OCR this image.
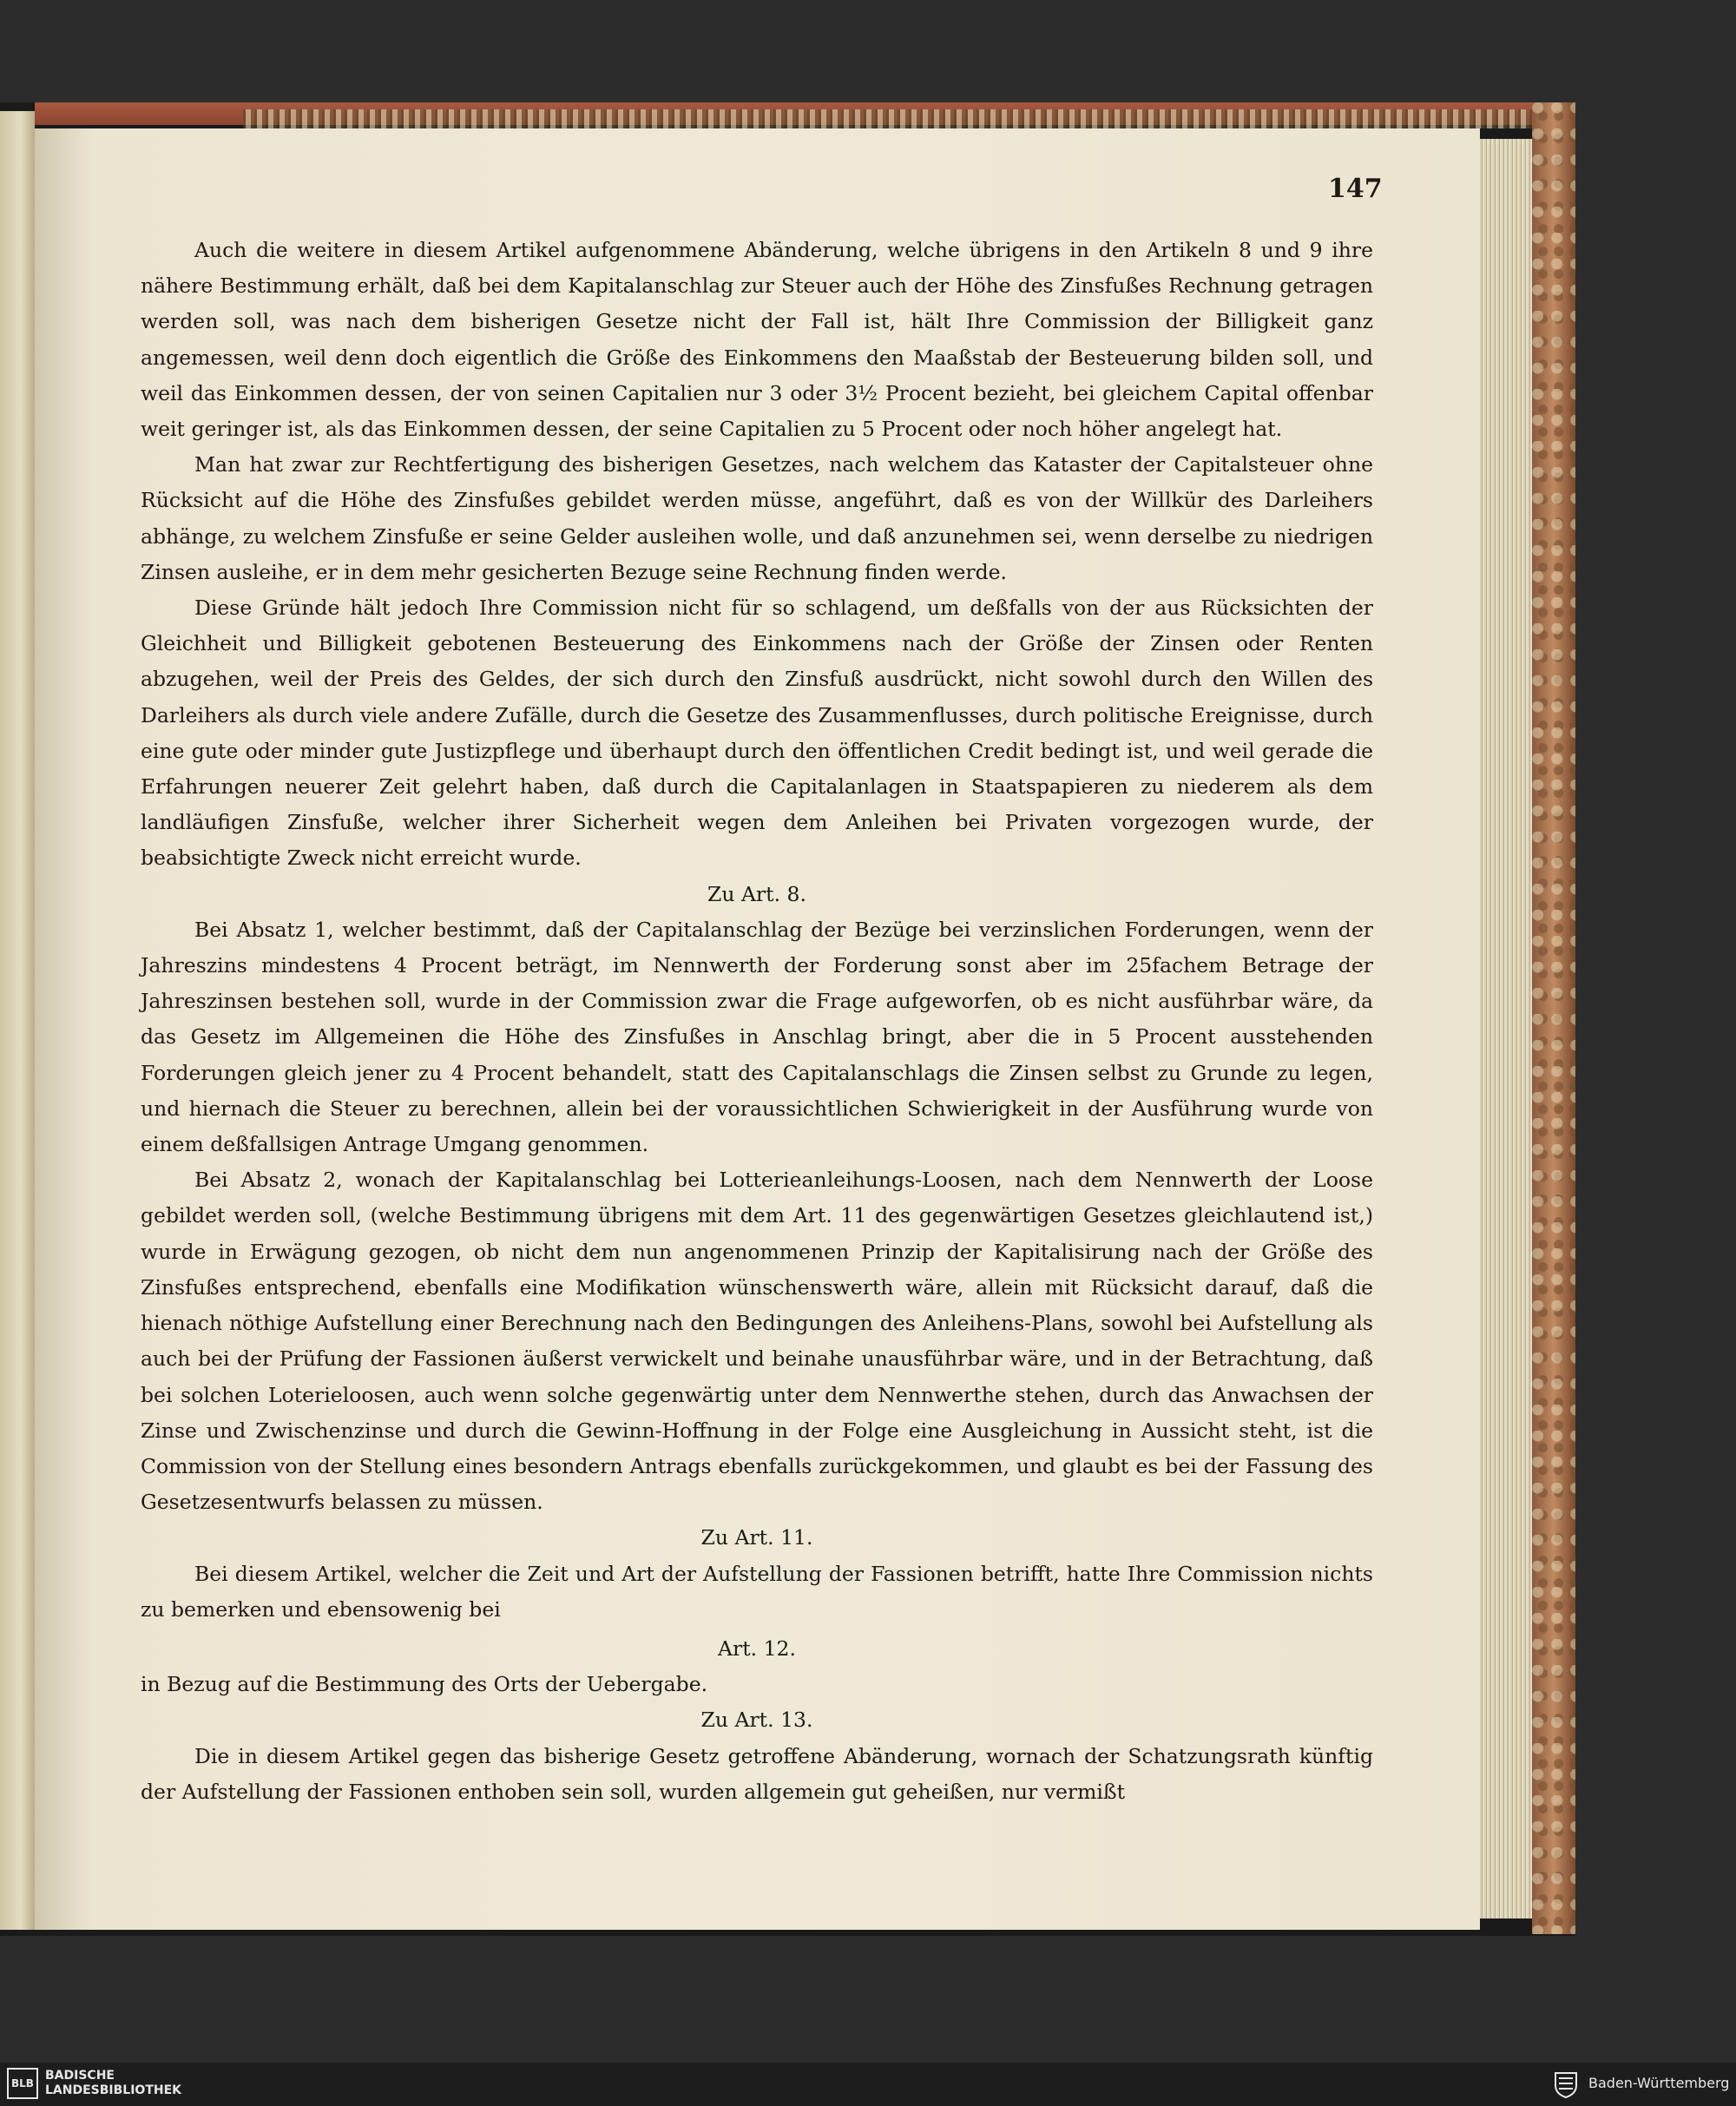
147

Auch die weitere in diesem Artikel aufgenommene Abänderung, welche übrigens in den Artikeln 8 und 9 ihre nähere Bestimmung erhält, daß bei dem Kapitalanschlag zur Steuer auch der Höhe des Zinsfußes Rechnung getragen werden soll, was nach dem bisherigen Gesetze nicht der Fall ist, hält Ihre Commission der Billigkeit ganz angemessen, weil denn doch eigentlich die Größe des Einkommens den Maaßstab der Besteuerung bilden soll, und weil das Einkommen dessen, der von seinen Capitalien nur 3 oder 3½ Procent bezieht, bei gleichem Capital offenbar weit geringer ist, als das Einkommen dessen, der seine Capitalien zu 5 Procent oder noch höher angelegt hat.

Man hat zwar zur Rechtfertigung des bisherigen Gesetzes, nach welchem das Kataster der Capitalsteuer ohne Rücksicht auf die Höhe des Zinsfußes gebildet werden müsse, angeführt, daß es von der Willkür des Darleihers abhänge, zu welchem Zinsfuße er seine Gelder ausleihen wolle, und daß anzunehmen sei, wenn derselbe zu niedrigen Zinsen ausleihe, er in dem mehr gesicherten Bezuge seine Rechnung finden werde.

Diese Gründe hält jedoch Ihre Commission nicht für so schlagend, um deßfalls von der aus Rücksichten der Gleichheit und Billigkeit gebotenen Besteuerung des Einkommens nach der Größe der Zinsen oder Renten abzugehen, weil der Preis des Geldes, der sich durch den Zinsfuß ausdrückt, nicht sowohl durch den Willen des Darleihers als durch viele andere Zufälle, durch die Gesetze des Zusammenflusses, durch politische Ereignisse, durch eine gute oder minder gute Justizpflege und überhaupt durch den öffentlichen Credit bedingt ist, und weil gerade die Erfahrungen neuerer Zeit gelehrt haben, daß durch die Capitalanlagen in Staatspapieren zu niederem als dem landläufigen Zinsfuße, welcher ihrer Sicherheit wegen dem Anleihen bei Privaten vorgezogen wurde, der beabsichtigte Zweck nicht erreicht wurde.

Zu Art. 8.

Bei Absatz 1, welcher bestimmt, daß der Capitalanschlag der Bezüge bei verzinslichen Forderungen, wenn der Jahreszins mindestens 4 Procent beträgt, im Nennwerth der Forderung sonst aber im 25fachem Betrage der Jahreszinsen bestehen soll, wurde in der Commission zwar die Frage aufgeworfen, ob es nicht ausführbar wäre, da das Gesetz im Allgemeinen die Höhe des Zinsfußes in Anschlag bringt, aber die in 5 Procent ausstehenden Forderungen gleich jener zu 4 Procent behandelt, statt des Capitalanschlags die Zinsen selbst zu Grunde zu legen, und hiernach die Steuer zu berechnen, allein bei der voraussichtlichen Schwierigkeit in der Ausführung wurde von einem deßfallsigen Antrage Umgang genommen.

Bei Absatz 2, wonach der Kapitalanschlag bei Lotterieanleihungs-Loosen, nach dem Nennwerth der Loose gebildet werden soll, (welche Bestimmung übrigens mit dem Art. 11 des gegenwärtigen Gesetzes gleichlautend ist,) wurde in Erwägung gezogen, ob nicht dem nun angenommenen Prinzip der Kapitalisirung nach der Größe des Zinsfußes entsprechend, ebenfalls eine Modifikation wünschenswerth wäre, allein mit Rücksicht darauf, daß die hienach nöthige Aufstellung einer Berechnung nach den Bedingungen des Anleihens-Plans, sowohl bei Aufstellung als auch bei der Prüfung der Fassionen äußerst verwickelt und beinahe unausführbar wäre, und in der Betrachtung, daß bei solchen Loterieloosen, auch wenn solche gegenwärtig unter dem Nennwerthe stehen, durch das Anwachsen der Zinse und Zwischenzinse und durch die Gewinn-Hoffnung in der Folge eine Ausgleichung in Aussicht steht, ist die Commission von der Stellung eines besondern Antrags ebenfalls zurückgekommen, und glaubt es bei der Fassung des Gesetzesentwurfs belassen zu müssen.

Zu Art. 11.

Bei diesem Artikel, welcher die Zeit und Art der Aufstellung der Fassionen betrifft, hatte Ihre Commission nichts zu bemerken und ebensowenig bei

Art. 12.

in Bezug auf die Bestimmung des Orts der Uebergabe.

Zu Art. 13.

Die in diesem Artikel gegen das bisherige Gesetz getroffene Abänderung, wornach der Schatzungsrath künftig der Aufstellung der Fassionen enthoben sein soll, wurden allgemein gut geheißen, nur vermißt

BLB
BADISCHE
LANDESBIBLIOTHEK	Baden-Württemberg
